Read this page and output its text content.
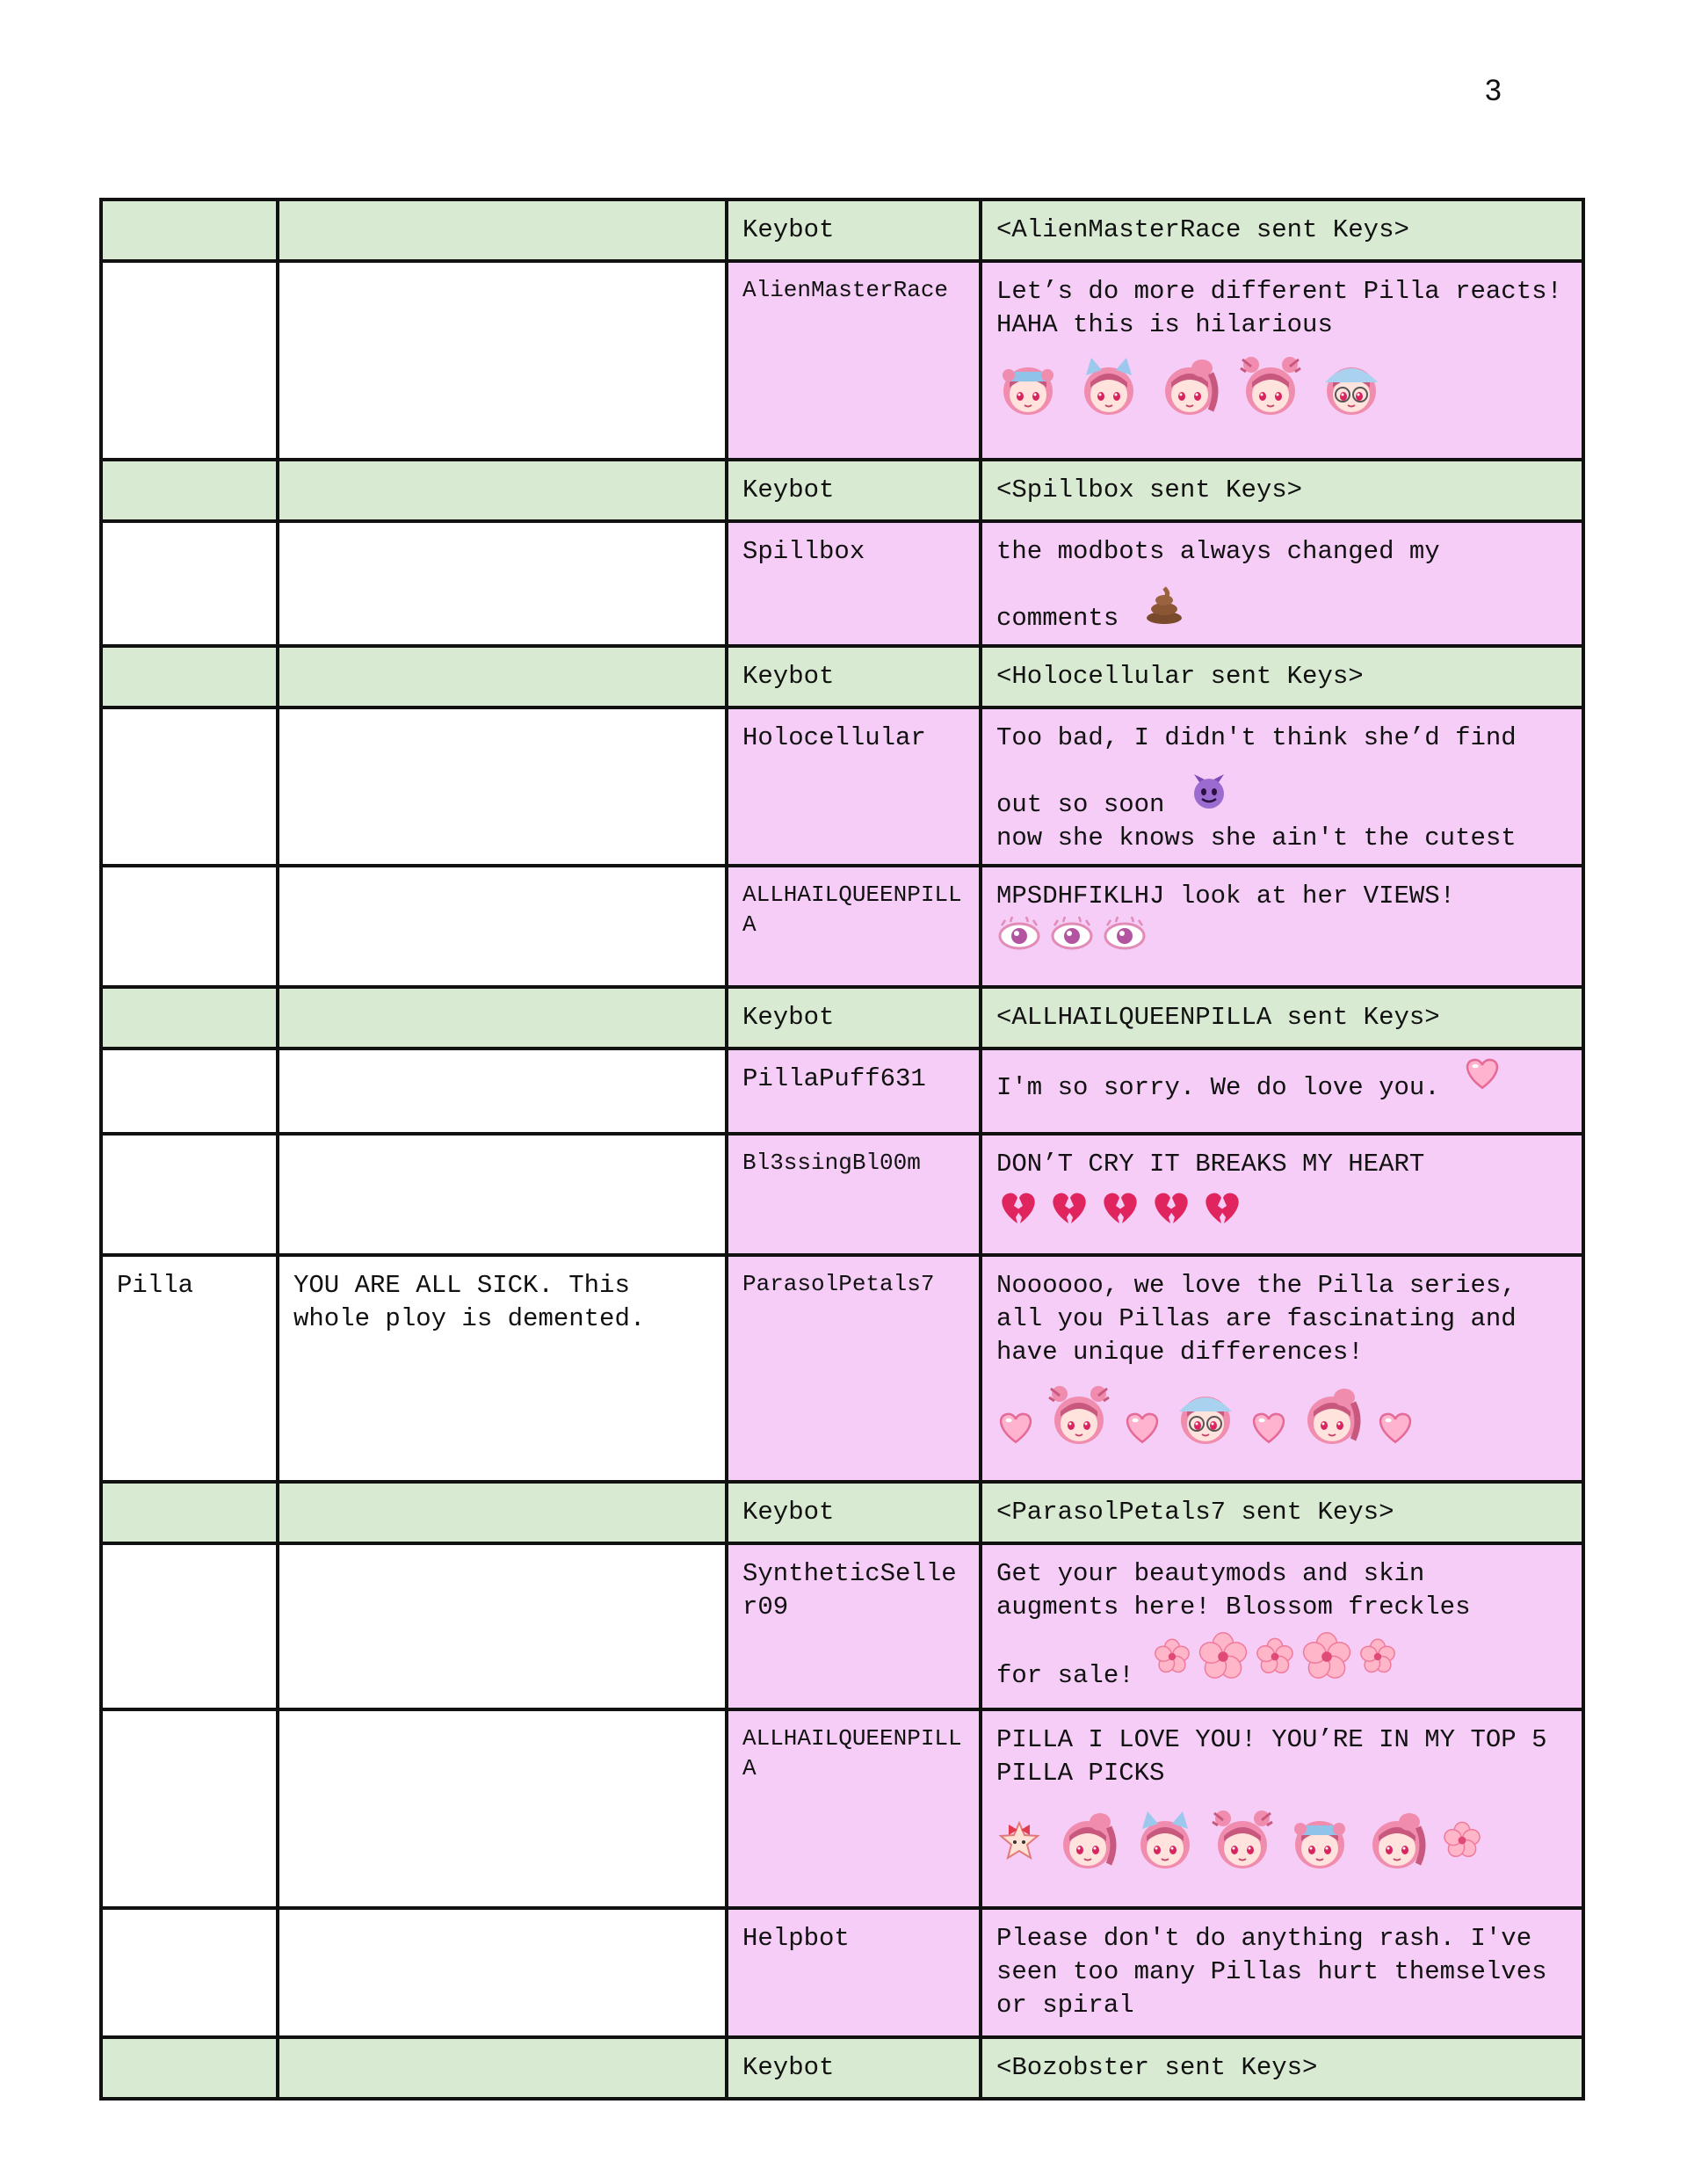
3
		Keybot	<AlienMasterRace sent Keys>
		AlienMasterRace	Let’s do more different Pilla reacts! HAHA this is hilarious

		Keybot	<Spillbox sent Keys>
		Spillbox	the modbots always changed my
comments

		Keybot	<Holocellular sent Keys>
		Holocellular	Too bad, I didn't think she’d find
out so soon
now she knows she ain't the cutest

		ALLHAILQUEENPILLA	MPSDHFIKLHJ look at her VIEWS!

		Keybot	<ALLHAILQUEENPILLA sent Keys>
		PillaPuff631	I'm so sorry. We do love you.

		Bl3ssingBl00m	DON’T CRY IT BREAKS MY HEART

Pilla	YOU ARE ALL SICK. This whole ploy is demented.	ParasolPetals7	Noooooo, we love the Pilla series, all you Pillas are fascinating and have unique differences!

		Keybot	<ParasolPetals7 sent Keys>

		SyntheticSeller09	Get your beautymods and skin
augments here! Blossom freckles
for sale!

		ALLHAILQUEENPILLA	PILLA I LOVE YOU! YOU’RE IN MY TOP 5 PILLA PICKS

		Helpbot	Please don't do anything rash. I've seen too many Pillas hurt themselves or spiral
		Keybot	<Bozobster sent Keys>
